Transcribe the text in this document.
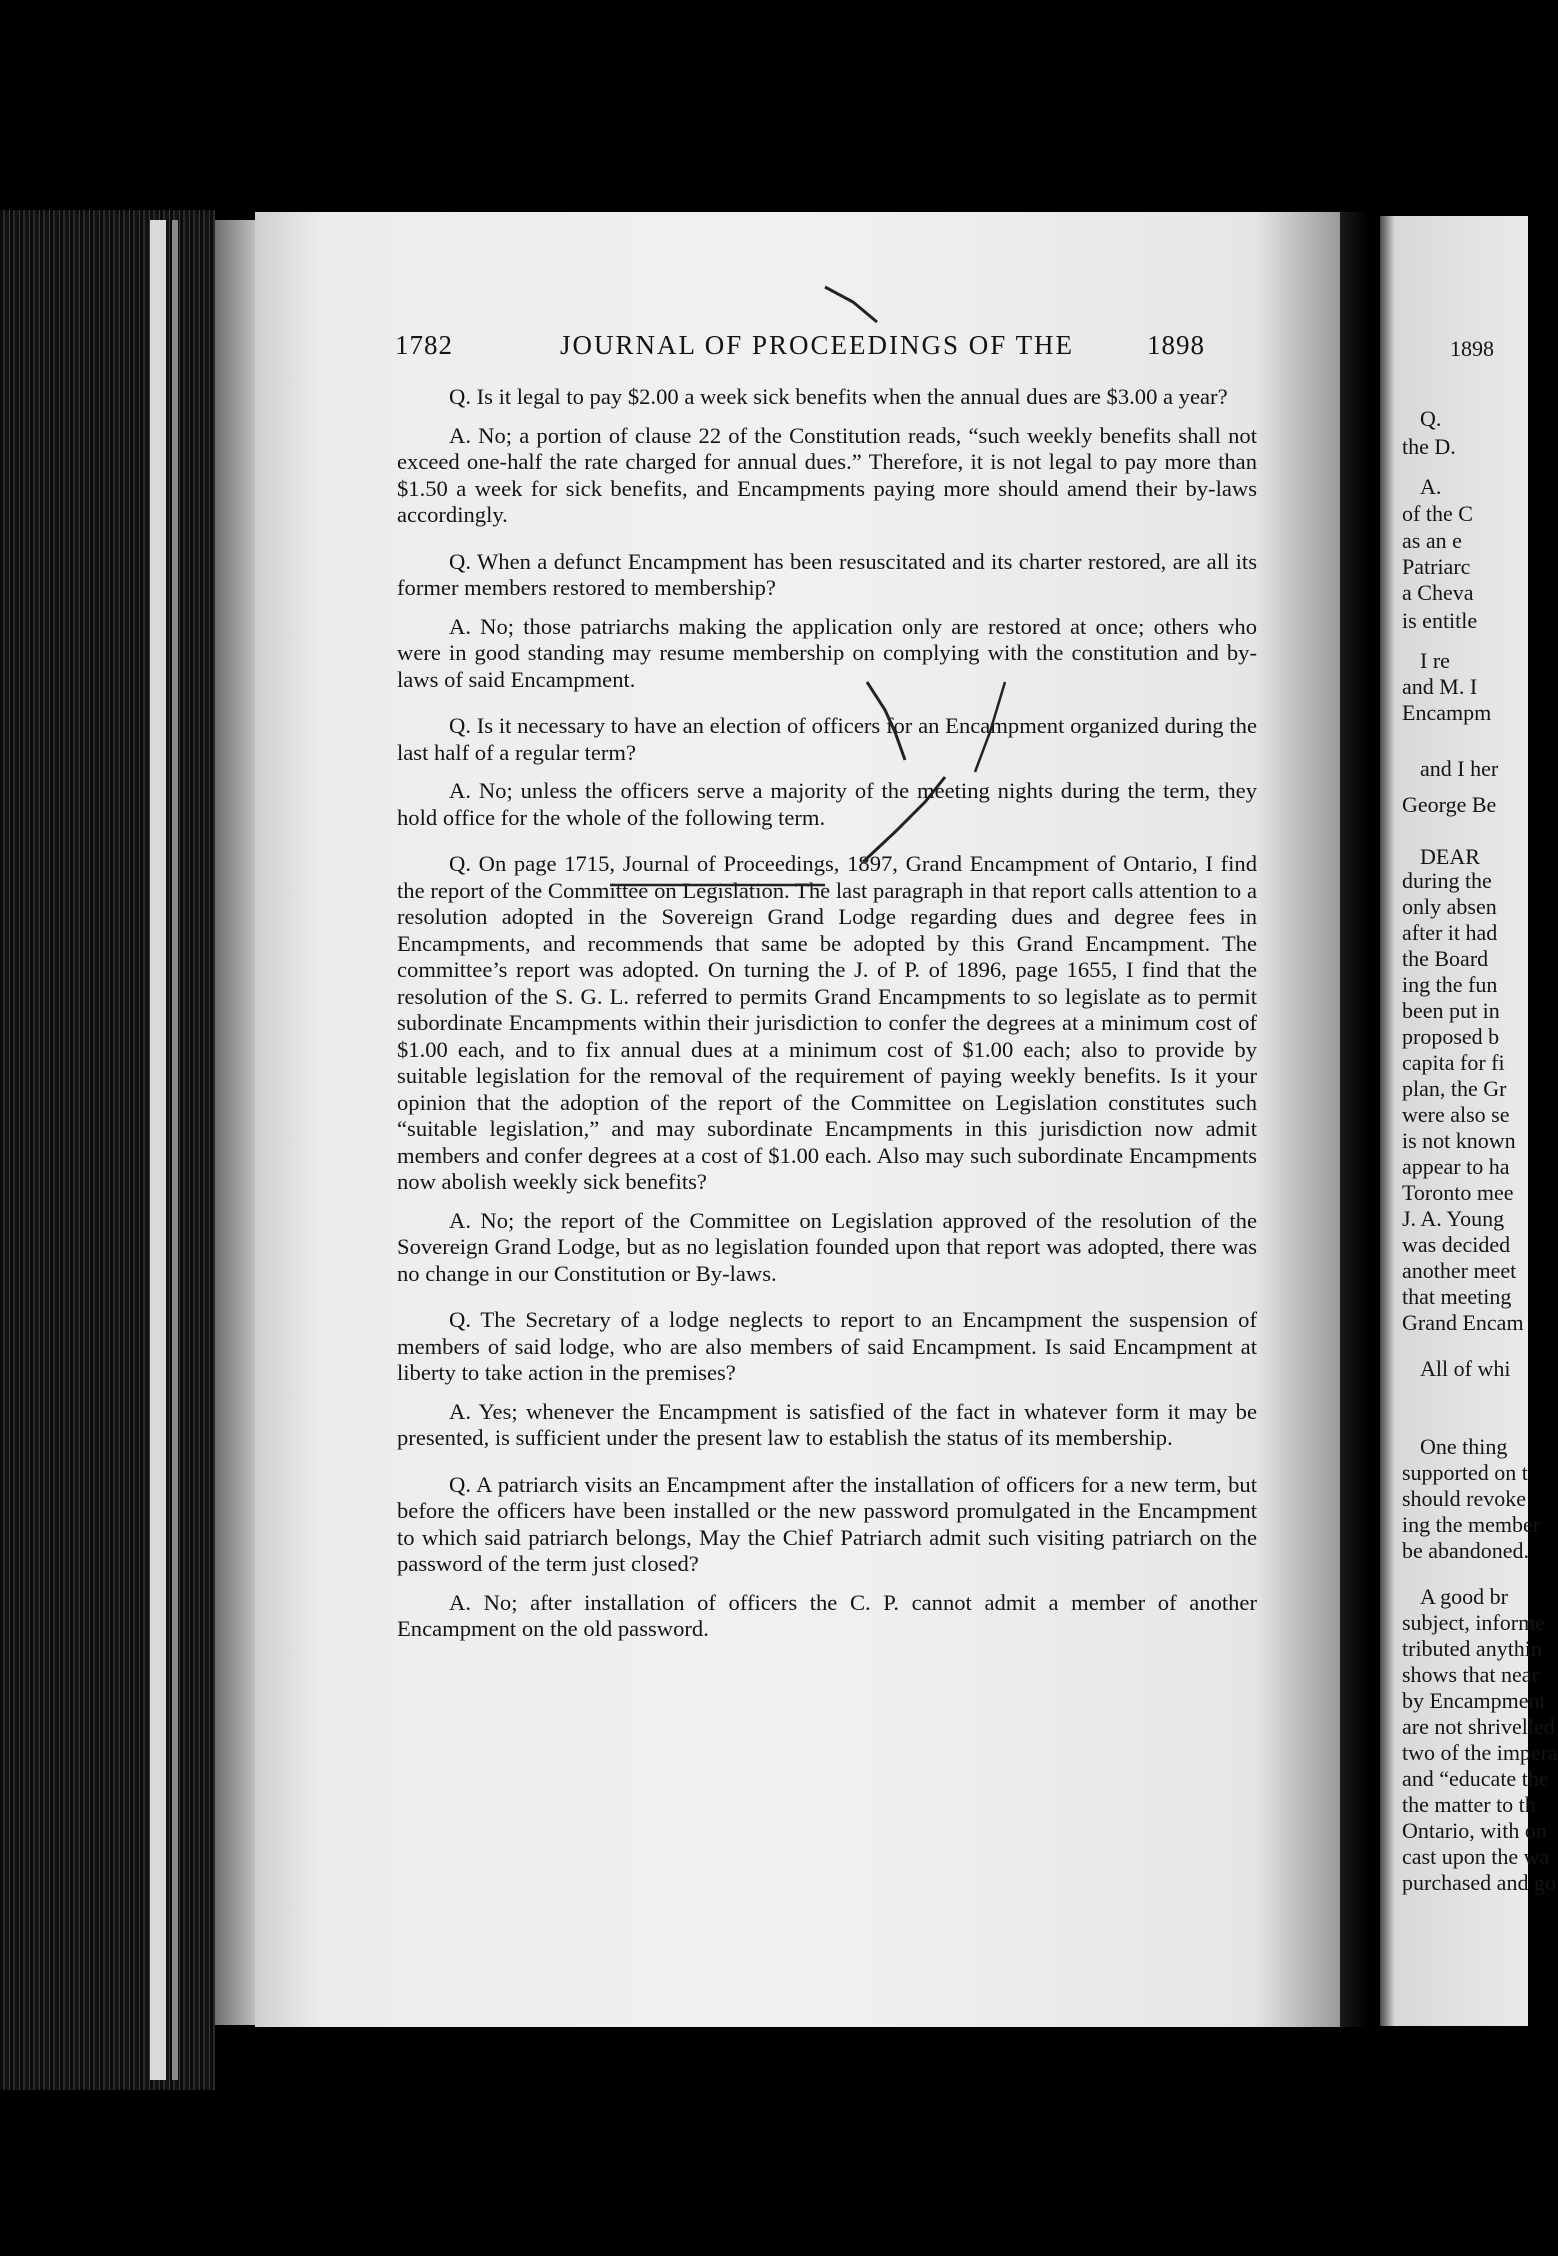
1782	JOURNAL OF PROCEEDINGS OF THE	1898

Q. Is it legal to pay $2.00 a week sick benefits when the annual dues are $3.00 a year?

A. No; a portion of clause 22 of the Constitution reads, “such weekly benefits shall not exceed one-half the rate charged for annual dues.” Therefore, it is not legal to pay more than $1.50 a week for sick benefits, and Encampments paying more should amend their by-laws accordingly.

Q. When a defunct Encampment has been resuscitated and its charter restored, are all its former members restored to membership?

A. No; those patriarchs making the application only are restored at once; others who were in good standing may resume membership on complying with the constitution and by-laws of said Encampment.

Q. Is it necessary to have an election of officers for an Encampment organized during the last half of a regular term?

A. No; unless the officers serve a majority of the meeting nights during the term, they hold office for the whole of the following term.

Q. On page 1715, Journal of Proceedings, 1897, Grand Encampment of Ontario, I find the report of the Committee on Legislation. The last paragraph in that report calls attention to a resolution adopted in the Sovereign Grand Lodge regarding dues and degree fees in Encampments, and recommends that same be adopted by this Grand Encampment. The committee’s report was adopted. On turning the J. of P. of 1896, page 1655, I find that the resolution of the S. G. L. referred to permits Grand Encampments to so legislate as to permit subordinate Encampments within their jurisdiction to confer the degrees at a minimum cost of $1.00 each, and to fix annual dues at a minimum cost of $1.00 each; also to provide by suitable legislation for the removal of the requirement of paying weekly benefits. Is it your opinion that the adoption of the report of the Committee on Legislation constitutes such “suitable legislation,” and may subordinate Encampments in this jurisdiction now admit members and confer degrees at a cost of $1.00 each. Also may such subordinate Encampments now abolish weekly sick benefits?

A. No; the report of the Committee on Legislation approved of the resolution of the Sovereign Grand Lodge, but as no legislation founded upon that report was adopted, there was no change in our Constitution or By-laws.

Q. The Secretary of a lodge neglects to report to an Encampment the suspension of members of said lodge, who are also members of said Encampment. Is said Encampment at liberty to take action in the premises?

A. Yes; whenever the Encampment is satisfied of the fact in whatever form it may be presented, is sufficient under the present law to establish the status of its membership.

Q. A patriarch visits an Encampment after the installation of officers for a new term, but before the officers have been installed or the new password promulgated in the Encampment to which said patriarch belongs, May the Chief Patriarch admit such visiting patriarch on the password of the term just closed?

A. No; after installation of officers the C. P. cannot admit a member of another Encampment on the old password.

1898
Q.
the D.
A.
of the C
as an e
Patriarc
a Cheva
is entitle
I re
and M. I
Encampm
and I her
George Be
DEAR
during the
only absen
after it had
the Board
ing the fun
been put in
proposed b
capita for fi
plan, the Gr
were also se
is not known
appear to ha
Toronto mee
J. A. Young
was decided
another meet
that meeting
Grand Encam
All of whi
One thing
supported on t
should revoke
ing the member
be abandoned.
A good br
subject, informe
tributed anythin
shows that near
by Encampment
are not shrivelled
two of the impera
and “educate the
the matter to th
Ontario, with on
cast upon the wa
purchased and go
